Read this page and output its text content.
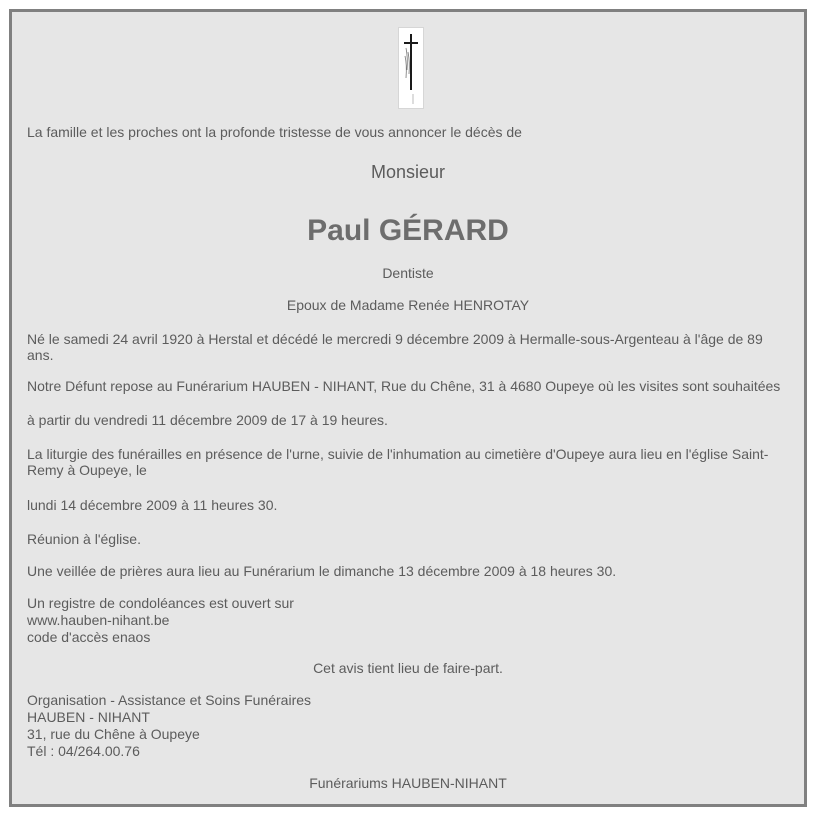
La famille et les proches ont la profonde tristesse de vous annoncer le décès de

Monsieur

Paul GÉRARD

Dentiste

Epoux de Madame Renée HENROTAY

Né le samedi 24 avril 1920 à Herstal et décédé le mercredi 9 décembre 2009 à Hermalle-sous-Argenteau à l'âge de 89 ans.

Notre Défunt repose au Funérarium HAUBEN - NIHANT, Rue du Chêne, 31 à 4680 Oupeye où les visites sont souhaitées

à partir du vendredi 11 décembre 2009 de 17 à 19 heures.

La liturgie des funérailles en présence de l'urne, suivie de l'inhumation au cimetière d'Oupeye aura lieu en l'église Saint-Remy à Oupeye, le

lundi 14 décembre 2009 à 11 heures 30.

Réunion à l'église.

Une veillée de prières aura lieu au Funérarium le dimanche 13 décembre 2009 à 18 heures 30.

Un registre de condoléances est ouvert sur

www.hauben-nihant.be

code d'accès enaos

Cet avis tient lieu de faire-part.

Organisation - Assistance et Soins Funéraires

HAUBEN - NIHANT

31, rue du Chêne à Oupeye

Tél : 04/264.00.76

Funérariums HAUBEN-NIHANT
